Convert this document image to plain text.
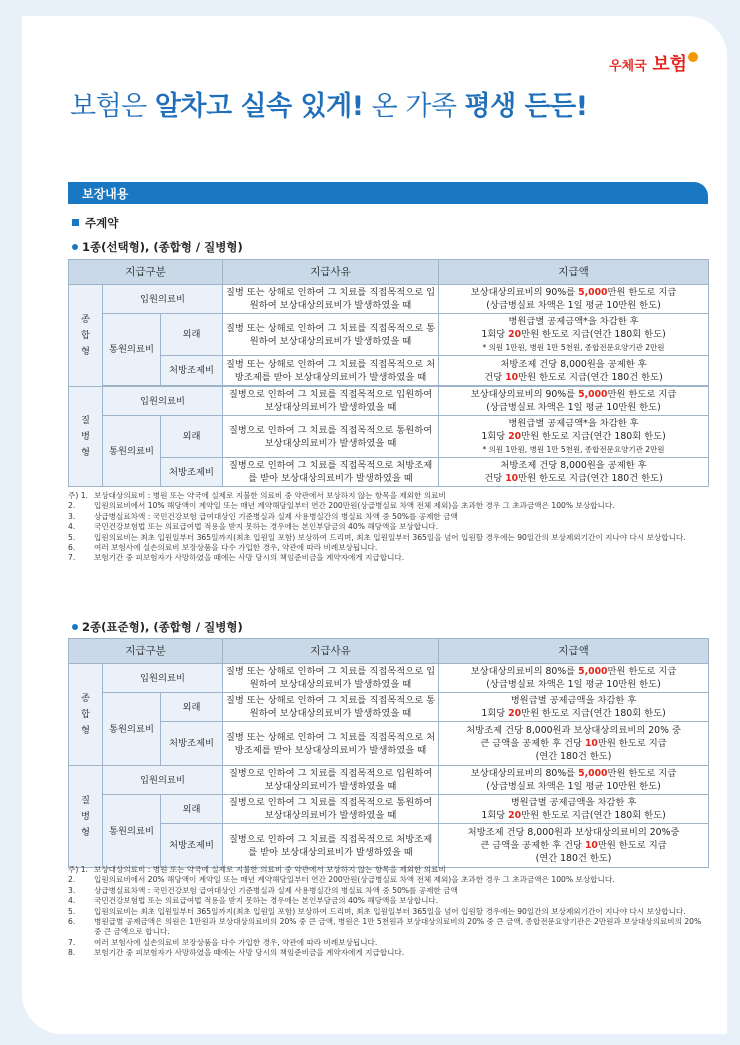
우체국 보험
보험은 알차고 실속 있게! 온 가족 평생 든든!
보장내용
주계약
1종(선택형), (종합형 / 질병형)
지급구분			지급사유	지급액

종합형	입원의료비		질병 또는 상해로 인하여 그 치료를 직접목적으로 입원하여 보상대상의료비가 발생하였을 때	보상대상의료비의 90%를 5,000만원 한도로 지급
(상급병실료 차액은 1일 평균 10만원 한도)
	통원의료비	외래	질병 또는 상해로 인하여 그 치료를 직접목적으로 통원하여 보상대상의료비가 발생하였을 때	병원급별 공제금액*을 차감한 후
1회당 20만원 한도로 지급(연간 180회 한도)
* 의원 1만원, 병원 1만 5천원, 종합전문요양기관 2만원
		처방조제비	질병 또는 상해로 인하여 그 치료를 직접목적으로 처방조제를 받아 보상대상의료비가 발생하였을 때	처방조제 건당 8,000원을 공제한 후
건당 10만원 한도로 지급(연간 180건 한도)

질병형	입원의료비		질병으로 인하여 그 치료를 직접목적으로 입원하여 보상대상의료비가 발생하였을 때	보상대상의료비의 90%를 5,000만원 한도로 지급
(상급병실료 차액은 1일 평균 10만원 한도)
	통원의료비	외래	질병으로 인하여 그 치료를 직접목적으로 통원하여 보상대상의료비가 발생하였을 때	병원급별 공제금액*을 차감한 후
1회당 20만원 한도로 지급(연간 180회 한도)
* 의원 1만원, 병원 1만 5천원, 종합전문요양기관 2만원
		처방조제비	질병으로 인하여 그 치료를 직접목적으로 처방조제를 받아 보상대상의료비가 발생하였을 때	처방조제 건당 8,000원을 공제한 후
건당 10만원 한도로 지급(연간 180건 한도)
주) 1. 보상대상의료비 : 병원 또는 약국에 실제로 지불한 의료비 중 약관에서 보상하지 않는 항목을 제외한 의료비
2. 입원의료비에서 10% 해당액이 계약일 또는 매년 계약해당일부터 연간 200만원(상급병실료 차액 전체 제외)을 초과한 경우 그 초과금액은 100% 보상합니다.
3. 상급병실료차액 : 국민건강보험 급여대상인 기준병실과 실제 사용병실간의 병실료 차액 중 50%를 공제한 금액
4. 국민건강보험법 또는 의료급여법 적용을 받지 못하는 경우에는 본인부담금의 40% 해당액을 보상합니다.
5. 입원의료비는 최초 입원일부터 365일까지(최초 입원일 포함) 보상하여 드리며, 최초 입원일부터 365일을 넘어 입원할 경우에는 90일간의 보상제외기간이 지나야 다시 보상합니다.
6. 여러 보험사에 실손의료비 보장상품을 다수 가입한 경우, 약관에 따라 비례보상됩니다.
7. 보험기간 중 피보험자가 사망하였을 때에는 사망 당시의 책임준비금을 계약자에게 지급합니다.
2종(표준형), (종합형 / 질병형)
지급구분			지급사유	지급액

종합형	입원의료비		질병 또는 상해로 인하여 그 치료를 직접목적으로 입원하여 보상대상의료비가 발생하였을 때	보상대상의료비의 80%를 5,000만원 한도로 지급
(상급병실료 차액은 1일 평균 10만원 한도)
	통원의료비	외래	질병 또는 상해로 인하여 그 치료를 직접목적으로 통원하여 보상대상의료비가 발생하였을 때	병원급별 공제금액을 차감한 후
1회당 20만원 한도로 지급(연간 180회 한도)
		처방조제비	질병 또는 상해로 인하여 그 치료를 직접목적으로 처방조제를 받아 보상대상의료비가 발생하였을 때	처방조제 건당 8,000원과 보상대상의료비의 20% 중
큰 금액을 공제한 후 건당 10만원 한도로 지급
(연간 180건 한도)

질병형	입원의료비		질병으로 인하여 그 치료를 직접목적으로 입원하여 보상대상의료비가 발생하였을 때	보상대상의료비의 80%를 5,000만원 한도로 지급
(상급병실료 차액은 1일 평균 10만원 한도)
	통원의료비	외래	질병으로 인하여 그 치료를 직접목적으로 통원하여 보상대상의료비가 발생하였을 때	병원급별 공제금액을 차감한 후
1회당 20만원 한도로 지급(연간 180회 한도)
		처방조제비	질병으로 인하여 그 치료를 직접목적으로 처방조제를 받아 보상대상의료비가 발생하였을 때	처방조제 건당 8,000원과 보상대상의료비의 20%중
큰 금액을 공제한 후 건당 10만원 한도로 지급
(연간 180건 한도)
주) 1. 보상대상의료비 : 병원 또는 약국에 실제로 지불한 의료비 중 약관에서 보상하지 않는 항목을 제외한 의료비
2. 입원의료비에서 20% 해당액이 계약일 또는 매년 계약해당일부터 연간 200만원(상급병실료 차액 전체 제외)을 초과한 경우 그 초과금액은 100% 보상합니다.
3. 상급병실료차액 : 국민건강보험 급여대상인 기준병실과 실제 사용병실간의 병실료 차액 중 50%를 공제한 금액
4. 국민건강보험법 또는 의료급여법 적용을 받지 못하는 경우에는 본인부담금의 40% 해당액을 보상합니다.
5. 입원의료비는 최초 입원일부터 365일까지(최초 입원일 포함) 보상하여 드리며, 최초 입원일부터 365일을 넘어 입원할 경우에는 90일간의 보상제외기간이 지나야 다시 보상합니다.
6. 병원급별 공제금액은 의원은 1만원과 보상대상의료비의 20% 중 큰 금액, 병원은 1만 5천원과 보상대상의료비의 20% 중 큰 금액, 종합전문요양기관은 2만원과 보상대상의료비의 20% 중 큰 금액으로 합니다.
7. 여러 보험사에 실손의료비 보장상품을 다수 가입한 경우, 약관에 따라 비례보상됩니다.
8. 보험기간 중 피보험자가 사망하였을 때에는 사망 당시의 책임준비금을 계약자에게 지급합니다.
